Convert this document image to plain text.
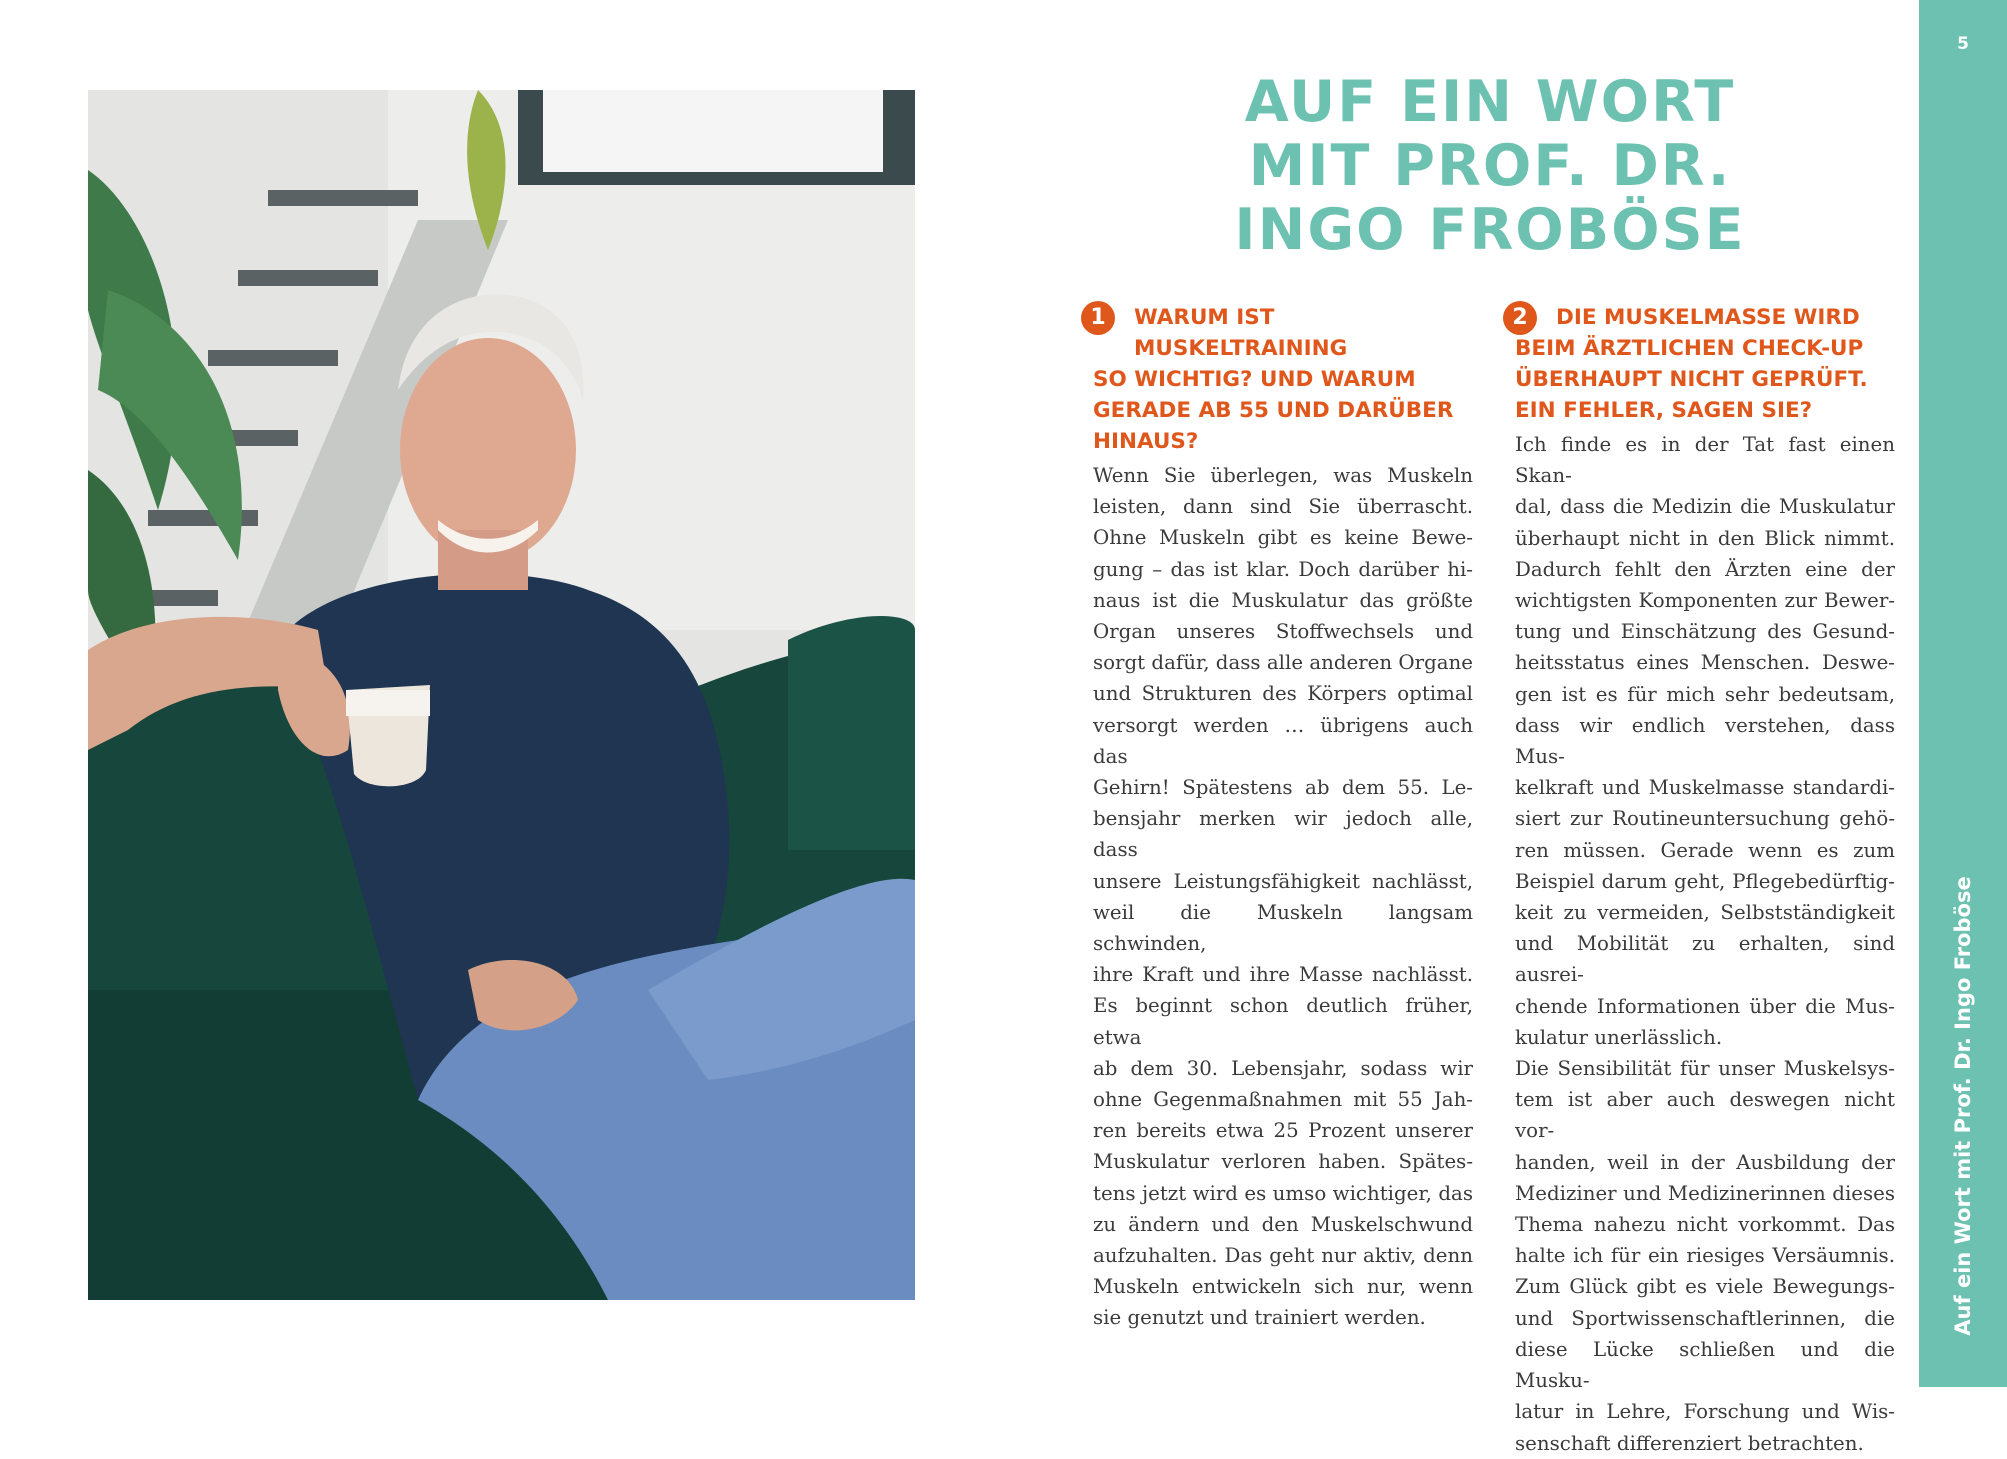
AUF EIN WORT
MIT PROF. DR.
INGO FROBÖSE
1	WARUM IST MUSKELTRAINING
SO WICHTIG? UND WARUM
GERADE AB 55 UND DARÜBER
HINAUS?
Wenn Sie überlegen, was Muskeln
leisten, dann sind Sie überrascht.
Ohne Muskeln gibt es keine Bewe-
gung – das ist klar. Doch darüber hi-
naus ist die Muskulatur das größte
Organ unseres Stoffwechsels und
sorgt dafür, dass alle anderen Organe
und Strukturen des Körpers optimal
versorgt werden … übrigens auch das
Gehirn! Spätestens ab dem 55. Le-
bensjahr merken wir jedoch alle, dass
unsere Leistungsfähigkeit nachlässt,
weil die Muskeln langsam schwinden,
ihre Kraft und ihre Masse nachlässt.
Es beginnt schon deutlich früher, etwa
ab dem 30. Lebensjahr, sodass wir
ohne Gegenmaßnahmen mit 55 Jah-
ren bereits etwa 25 Prozent unserer
Muskulatur verloren haben. Spätes-
tens jetzt wird es umso wichtiger, das
zu ändern und den Muskelschwund
aufzuhalten. Das geht nur aktiv, denn
Muskeln entwickeln sich nur, wenn
sie genutzt und trainiert werden.
2	DIE MUSKELMASSE WIRD
BEIM ÄRZTLICHEN CHECK-UP
ÜBERHAUPT NICHT GEPRÜFT.
EIN FEHLER, SAGEN SIE?
Ich finde es in der Tat fast einen Skan-
dal, dass die Medizin die Muskulatur
überhaupt nicht in den Blick nimmt.
Dadurch fehlt den Ärzten eine der
wichtigsten Komponenten zur Bewer-
tung und Einschätzung des Gesund-
heitsstatus eines Menschen. Deswe-
gen ist es für mich sehr bedeutsam,
dass wir endlich verstehen, dass Mus-
kelkraft und Muskelmasse standardi-
siert zur Routineuntersuchung gehö-
ren müssen. Gerade wenn es zum
Beispiel darum geht, Pflegebedürftig-
keit zu vermeiden, Selbstständigkeit
und Mobilität zu erhalten, sind ausrei-
chende Informationen über die Mus-
kulatur unerlässlich.
Die Sensibilität für unser Muskelsys-
tem ist aber auch deswegen nicht vor-
handen, weil in der Ausbildung der
Mediziner und Medizinerinnen dieses
Thema nahezu nicht vorkommt. Das
halte ich für ein riesiges Versäumnis.
Zum Glück gibt es viele Bewegungs-
und Sportwissenschaftlerinnen, die
diese Lücke schließen und die Musku-
latur in Lehre, Forschung und Wis-
senschaft differenziert betrachten.
5
Auf ein Wort mit Prof. Dr. Ingo Froböse
